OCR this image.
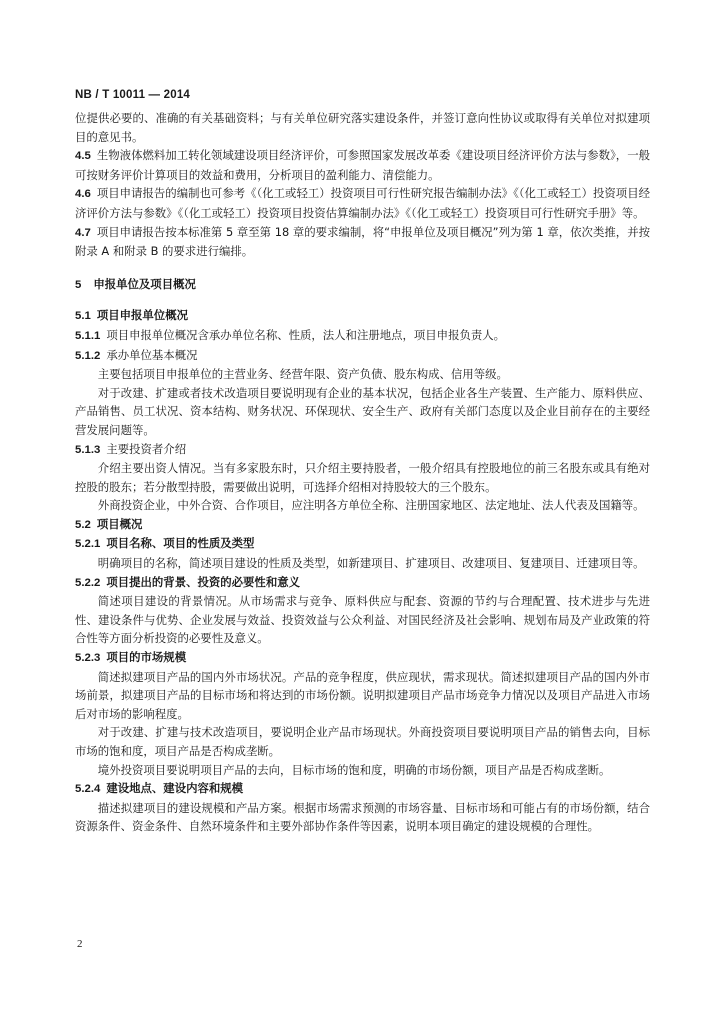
NB / T 10011 — 2014

位提供必要的、准确的有关基础资料；与有关单位研究落实建设条件，并签订意向性协议或取得有关单位对拟建项目的意见书。

4.5 生物液体燃料加工转化领域建设项目经济评价，可参照国家发展改革委《建设项目经济评价方法与参数》，一般可按财务评价计算项目的效益和费用，分析项目的盈利能力、清偿能力。

4.6 项目申请报告的编制也可参考《（化工或轻工）投资项目可行性研究报告编制办法》《（化工或轻工）投资项目经济评价方法与参数》《（化工或轻工）投资项目投资估算编制办法》《（化工或轻工）投资项目可行性研究手册》等。

4.7 项目申请报告按本标准第 5 章至第 18 章的要求编制，将“申报单位及项目概况”列为第 1 章，依次类推，并按附录 A 和附录 B 的要求进行编排。

5 申报单位及项目概况

5.1 项目申报单位概况

5.1.1 项目申报单位概况含承办单位名称、性质，法人和注册地点，项目申报负责人。

5.1.2 承办单位基本概况

主要包括项目申报单位的主营业务、经营年限、资产负债、股东构成、信用等级。

对于改建、扩建或者技术改造项目要说明现有企业的基本状况，包括企业各生产装置、生产能力、原料供应、产品销售、员工状况、资本结构、财务状况、环保现状、安全生产、政府有关部门态度以及企业目前存在的主要经营发展问题等。

5.1.3 主要投资者介绍

介绍主要出资人情况。当有多家股东时，只介绍主要持股者，一般介绍具有控股地位的前三名股东或具有绝对控股的股东；若分散型持股，需要做出说明，可选择介绍相对持股较大的三个股东。

外商投资企业，中外合资、合作项目，应注明各方单位全称、注册国家地区、法定地址、法人代表及国籍等。

5.2 项目概况

5.2.1 项目名称、项目的性质及类型

明确项目的名称，简述项目建设的性质及类型，如新建项目、扩建项目、改建项目、复建项目、迁建项目等。

5.2.2 项目提出的背景、投资的必要性和意义

简述项目建设的背景情况。从市场需求与竞争、原料供应与配套、资源的节约与合理配置、技术进步与先进性、建设条件与优势、企业发展与效益、投资效益与公众利益、对国民经济及社会影响、规划布局及产业政策的符合性等方面分析投资的必要性及意义。

5.2.3 项目的市场规模

简述拟建项目产品的国内外市场状况。产品的竞争程度，供应现状，需求现状。简述拟建项目产品的国内外市场前景，拟建项目产品的目标市场和将达到的市场份额。说明拟建项目产品市场竞争力情况以及项目产品进入市场后对市场的影响程度。

对于改建、扩建与技术改造项目，要说明企业产品市场现状。外商投资项目要说明项目产品的销售去向，目标市场的饱和度，项目产品是否构成垄断。

境外投资项目要说明项目产品的去向，目标市场的饱和度，明确的市场份额，项目产品是否构成垄断。

5.2.4 建设地点、建设内容和规模

描述拟建项目的建设规模和产品方案。根据市场需求预测的市场容量、目标市场和可能占有的市场份额，结合资源条件、资金条件、自然环境条件和主要外部协作条件等因素，说明本项目确定的建设规模的合理性。

2
